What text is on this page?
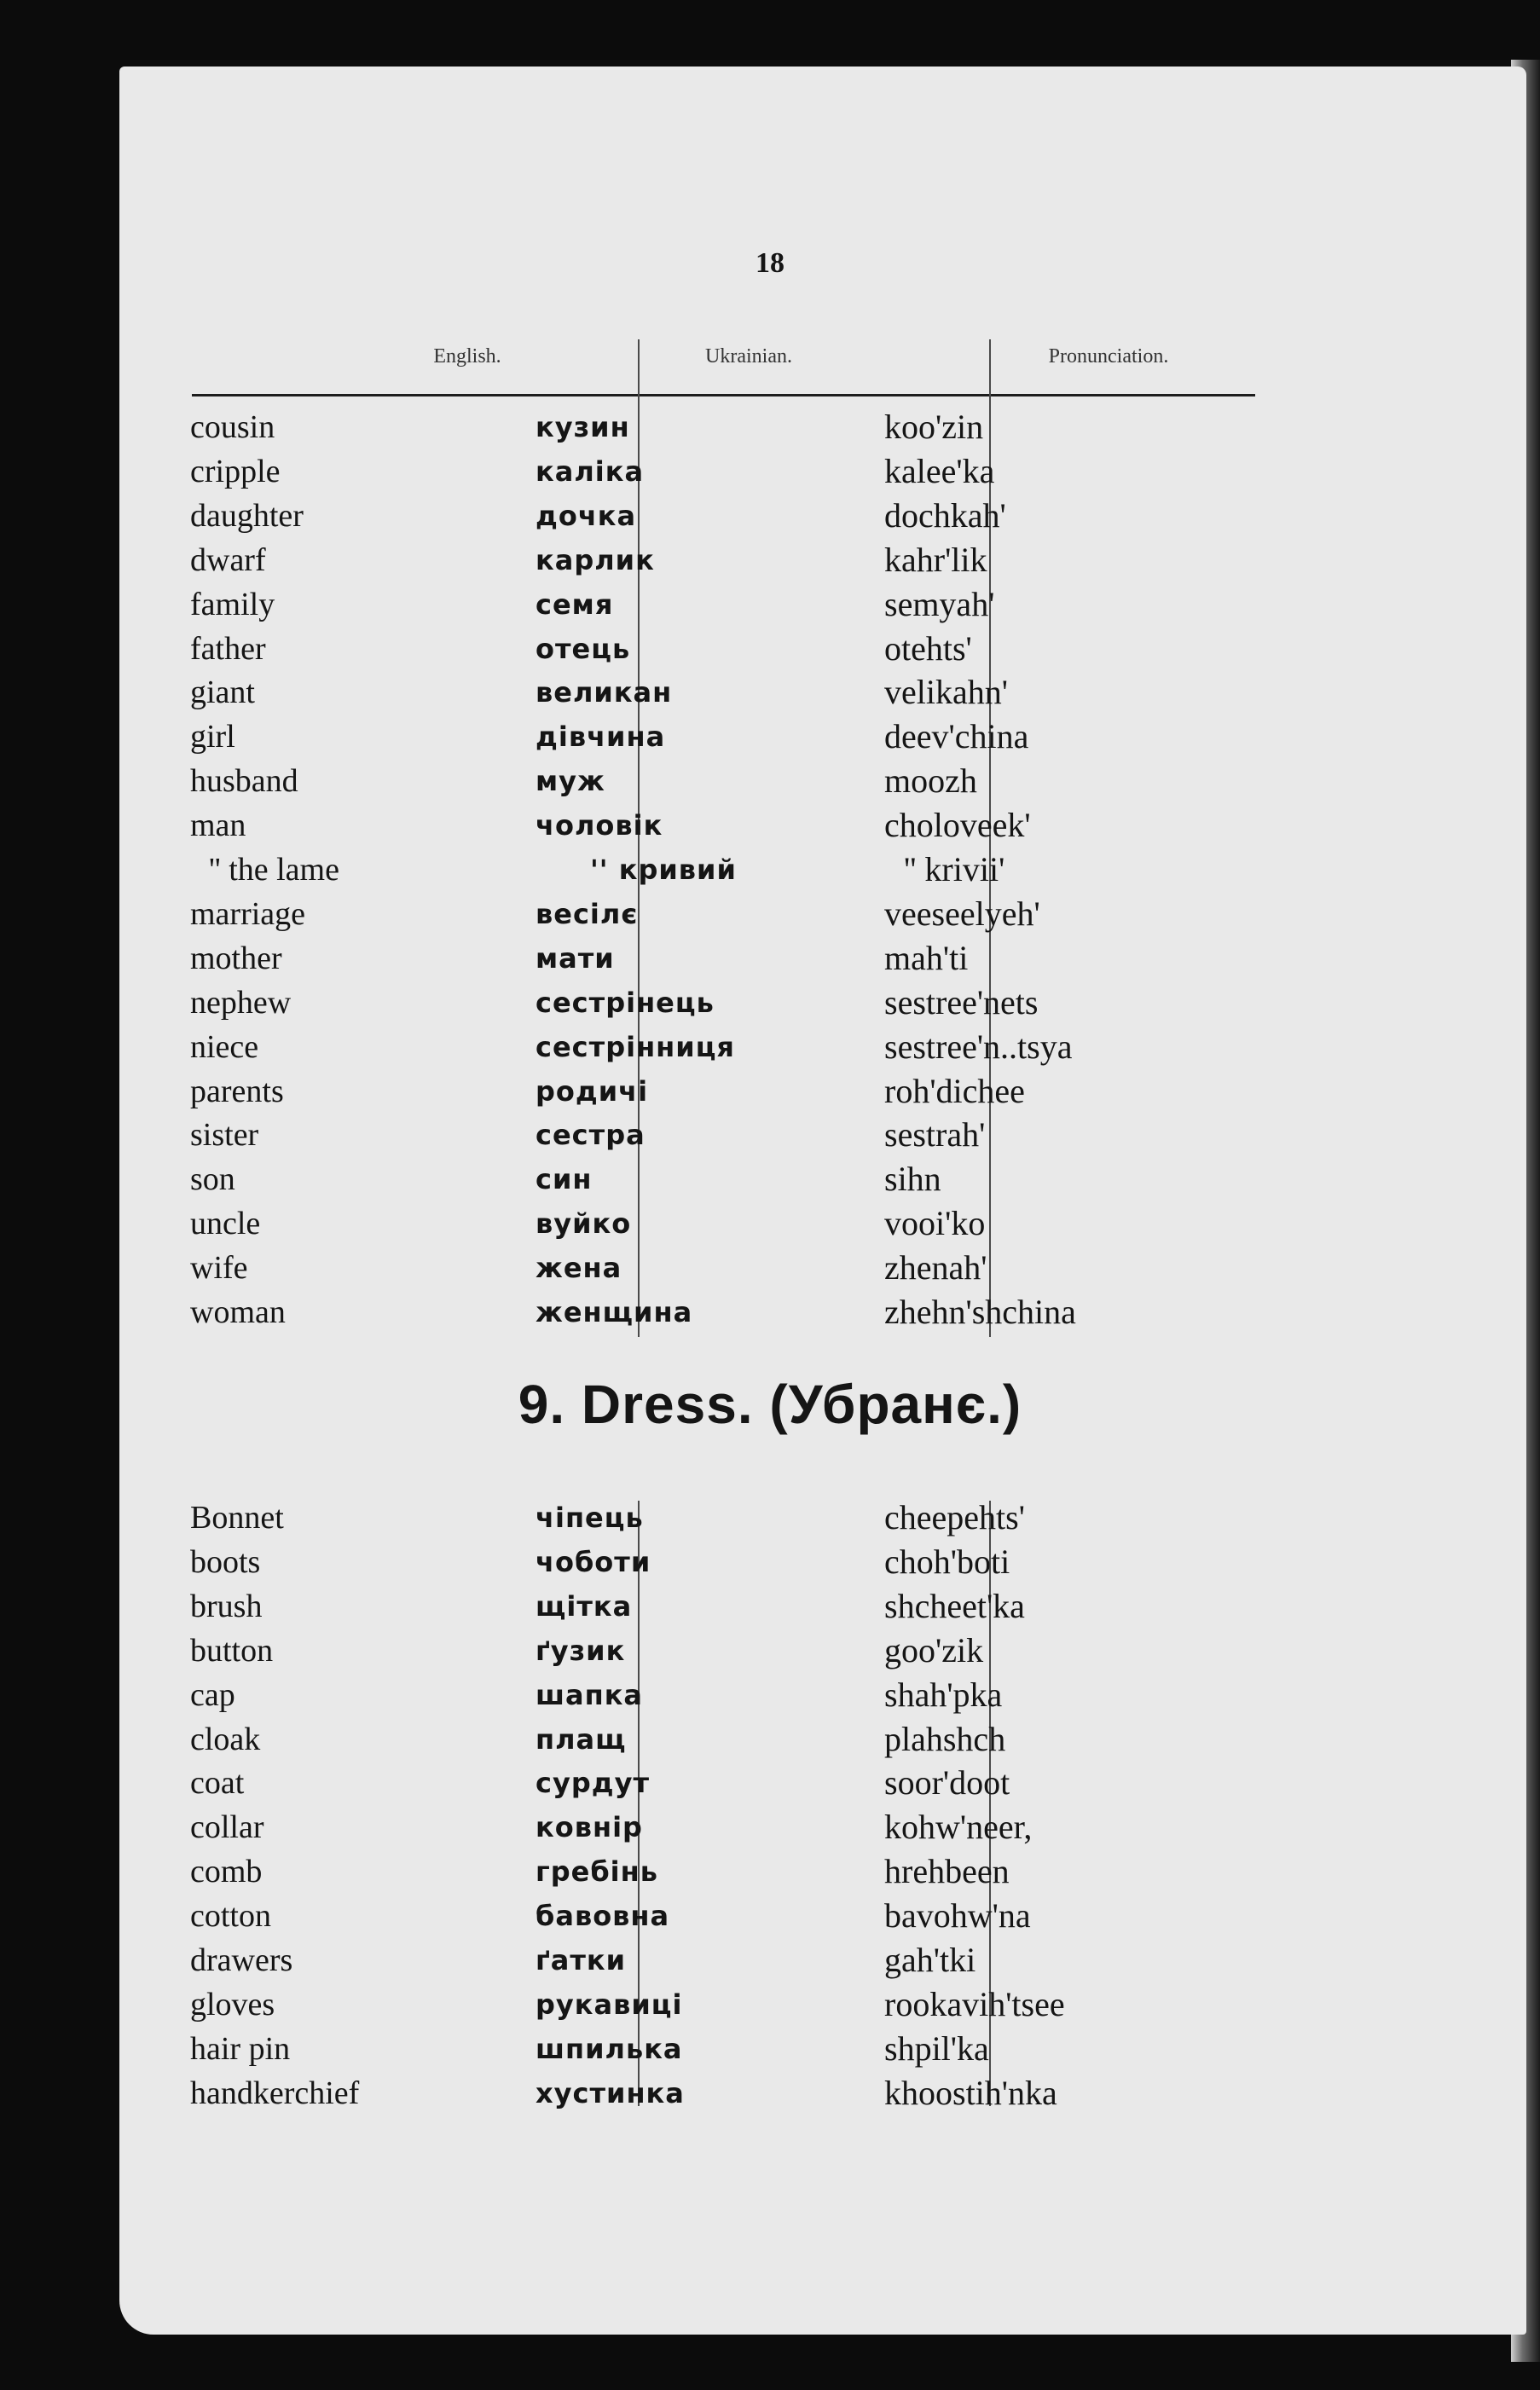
18
English.	Ukrainian.	Pronunciation.
cousin	кузин	koo'zin
cripple	каліка	kalee'ka
daughter	дочка	dochkah'
dwarf	карлик	kahr'lik
family	семя	semyah'
father	отець	otehts'
giant	великан	velikahn'
girl	дівчина	deev'china
husband	муж	moozh
man	чоловік	choloveek'
'' the lame	'' кривий	'' krivii'
marriage	весілє	veeseelyeh'
mother	мати	mah'ti
nephew	сестрінець	sestree'nets
niece	сестрінниця	sestree'n..tsya
parents	родичі	roh'dichee
sister	сестра	sestrah'
son	син	sihn
uncle	вуйко	vooi'ko
wife	жена	zhenah'
woman	женщина	zhehn'shchina
9. Dress. (Убранє.)
Bonnet	чіпець	cheepehts'
boots	чоботи	choh'boti
brush	щітка	shcheet'ka
button	ґузик	goo'zik
cap	шапка	shah'pka
cloak	плащ	plahshch
coat	сурдут	soor'doot
collar	ковнір	kohw'neer,
comb	гребінь	hrehbeen
cotton	бавовна	bavohw'na
drawers	ґатки	gah'tki
gloves	рукавиці	rookavih'tsee
hair pin	шпилька	shpil'ka
handkerchief	хустинка	khoostih'nka
